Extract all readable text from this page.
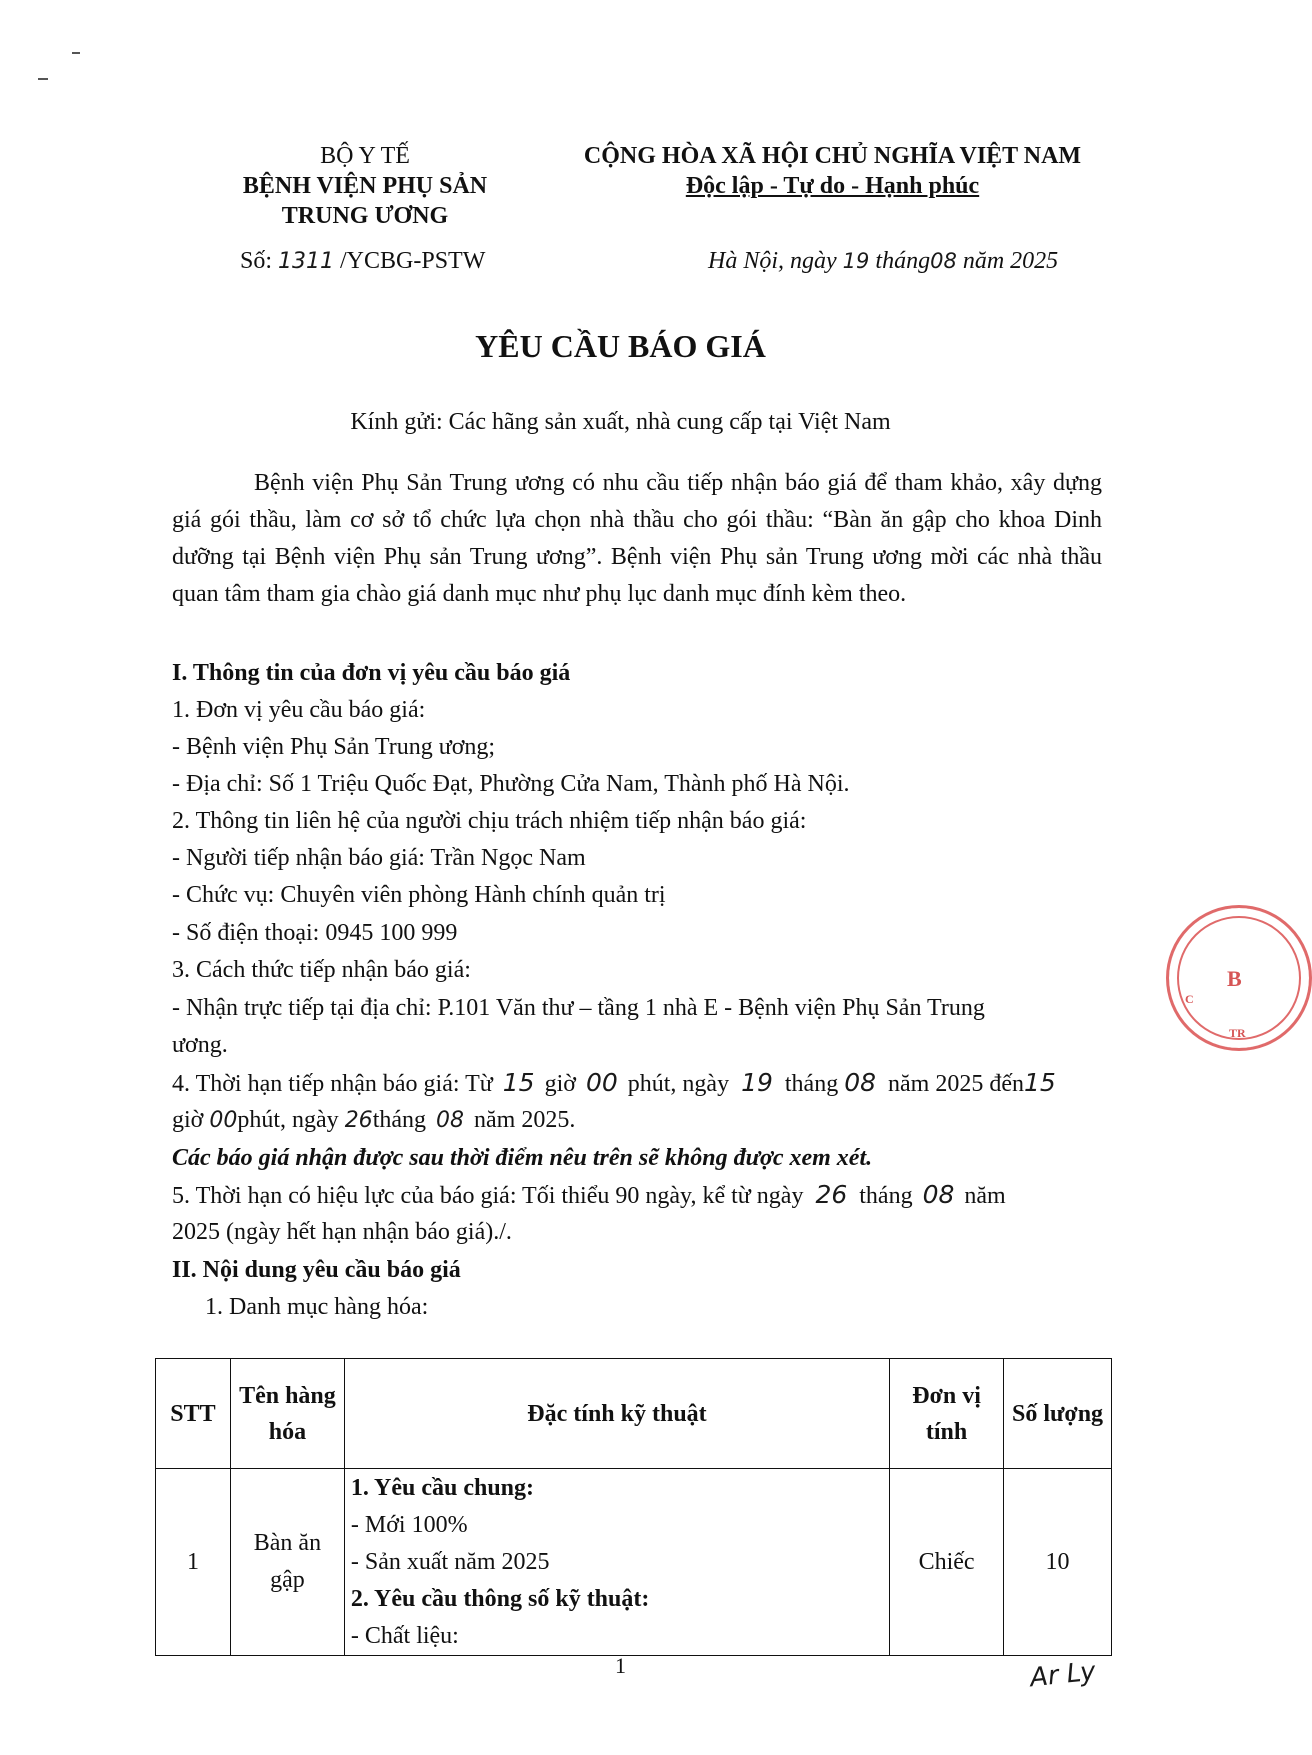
BỘ Y TẾ
BỆNH VIỆN PHỤ SẢN
TRUNG ƯƠNG
Số: 1311 /YCBG-PSTW
CỘNG HÒA XÃ HỘI CHỦ NGHĨA VIỆT NAM
Độc lập - Tự do - Hạnh phúc
Hà Nội, ngày 19 tháng08 năm 2025
YÊU CẦU BÁO GIÁ
Kính gửi: Các hãng sản xuất, nhà cung cấp tại Việt Nam
Bệnh viện Phụ Sản Trung ương có nhu cầu tiếp nhận báo giá để tham khảo, xây dựng giá gói thầu, làm cơ sở tổ chức lựa chọn nhà thầu cho gói thầu: “Bàn ăn gập cho khoa Dinh dưỡng tại Bệnh viện Phụ sản Trung ương”. Bệnh viện Phụ sản Trung ương mời các nhà thầu quan tâm tham gia chào giá danh mục như phụ lục danh mục đính kèm theo.
I. Thông tin của đơn vị yêu cầu báo giá
1. Đơn vị yêu cầu báo giá:
- Bệnh viện Phụ Sản Trung ương;
- Địa chỉ: Số 1 Triệu Quốc Đạt, Phường Cửa Nam, Thành phố Hà Nội.
2. Thông tin liên hệ của người chịu trách nhiệm tiếp nhận báo giá:
- Người tiếp nhận báo giá: Trần Ngọc Nam
- Chức vụ: Chuyên viên phòng Hành chính quản trị
- Số điện thoại: 0945 100 999
3. Cách thức tiếp nhận báo giá:
- Nhận trực tiếp tại địa chỉ: P.101 Văn thư – tầng 1 nhà E - Bệnh viện Phụ Sản Trung
ương.
4. Thời hạn tiếp nhận báo giá: Từ 15 giờ 00 phút, ngày 19 tháng 08 năm 2025 đến15
giờ 00phút, ngày 26tháng 08 năm 2025.
Các báo giá nhận được sau thời điểm nêu trên sẽ không được xem xét.
5. Thời hạn có hiệu lực của báo giá: Tối thiểu 90 ngày, kể từ ngày 26 tháng 08 năm
2025 (ngày hết hạn nhận báo giá)./.
II. Nội dung yêu cầu báo giá
1. Danh mục hàng hóa:
STT	Tên hàng hóa	Đặc tính kỹ thuật	Đơn vị tính	Số lượng
1	Bàn ăn gập	1. Yêu cầu chung:
- Mới 100%
- Sản xuất năm 2025
2. Yêu cầu thông số kỹ thuật:
- Chất liệu:	Chiếc	10
1	Ar Ly
B
C
TR
